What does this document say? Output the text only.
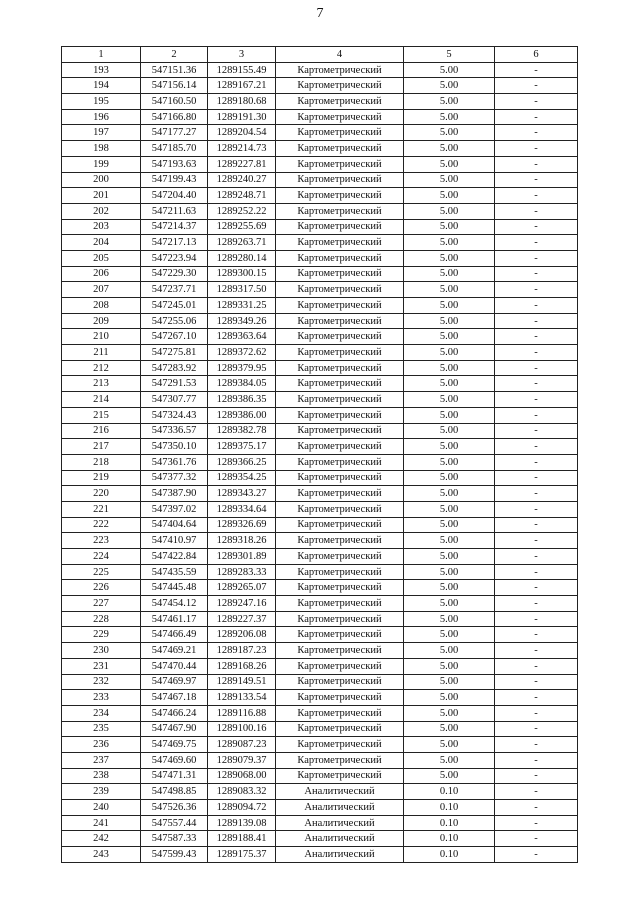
7
1	2	3	4	5	6
193	547151.36	1289155.49	Картометрический	5.00	-
194	547156.14	1289167.21	Картометрический	5.00	-
195	547160.50	1289180.68	Картометрический	5.00	-
196	547166.80	1289191.30	Картометрический	5.00	-
197	547177.27	1289204.54	Картометрический	5.00	-
198	547185.70	1289214.73	Картометрический	5.00	-
199	547193.63	1289227.81	Картометрический	5.00	-
200	547199.43	1289240.27	Картометрический	5.00	-
201	547204.40	1289248.71	Картометрический	5.00	-
202	547211.63	1289252.22	Картометрический	5.00	-
203	547214.37	1289255.69	Картометрический	5.00	-
204	547217.13	1289263.71	Картометрический	5.00	-
205	547223.94	1289280.14	Картометрический	5.00	-
206	547229.30	1289300.15	Картометрический	5.00	-
207	547237.71	1289317.50	Картометрический	5.00	-
208	547245.01	1289331.25	Картометрический	5.00	-
209	547255.06	1289349.26	Картометрический	5.00	-
210	547267.10	1289363.64	Картометрический	5.00	-
211	547275.81	1289372.62	Картометрический	5.00	-
212	547283.92	1289379.95	Картометрический	5.00	-
213	547291.53	1289384.05	Картометрический	5.00	-
214	547307.77	1289386.35	Картометрический	5.00	-
215	547324.43	1289386.00	Картометрический	5.00	-
216	547336.57	1289382.78	Картометрический	5.00	-
217	547350.10	1289375.17	Картометрический	5.00	-
218	547361.76	1289366.25	Картометрический	5.00	-
219	547377.32	1289354.25	Картометрический	5.00	-
220	547387.90	1289343.27	Картометрический	5.00	-
221	547397.02	1289334.64	Картометрический	5.00	-
222	547404.64	1289326.69	Картометрический	5.00	-
223	547410.97	1289318.26	Картометрический	5.00	-
224	547422.84	1289301.89	Картометрический	5.00	-
225	547435.59	1289283.33	Картометрический	5.00	-
226	547445.48	1289265.07	Картометрический	5.00	-
227	547454.12	1289247.16	Картометрический	5.00	-
228	547461.17	1289227.37	Картометрический	5.00	-
229	547466.49	1289206.08	Картометрический	5.00	-
230	547469.21	1289187.23	Картометрический	5.00	-
231	547470.44	1289168.26	Картометрический	5.00	-
232	547469.97	1289149.51	Картометрический	5.00	-
233	547467.18	1289133.54	Картометрический	5.00	-
234	547466.24	1289116.88	Картометрический	5.00	-
235	547467.90	1289100.16	Картометрический	5.00	-
236	547469.75	1289087.23	Картометрический	5.00	-
237	547469.60	1289079.37	Картометрический	5.00	-
238	547471.31	1289068.00	Картометрический	5.00	-
239	547498.85	1289083.32	Аналитический	0.10	-
240	547526.36	1289094.72	Аналитический	0.10	-
241	547557.44	1289139.08	Аналитический	0.10	-
242	547587.33	1289188.41	Аналитический	0.10	-
243	547599.43	1289175.37	Аналитический	0.10	-
